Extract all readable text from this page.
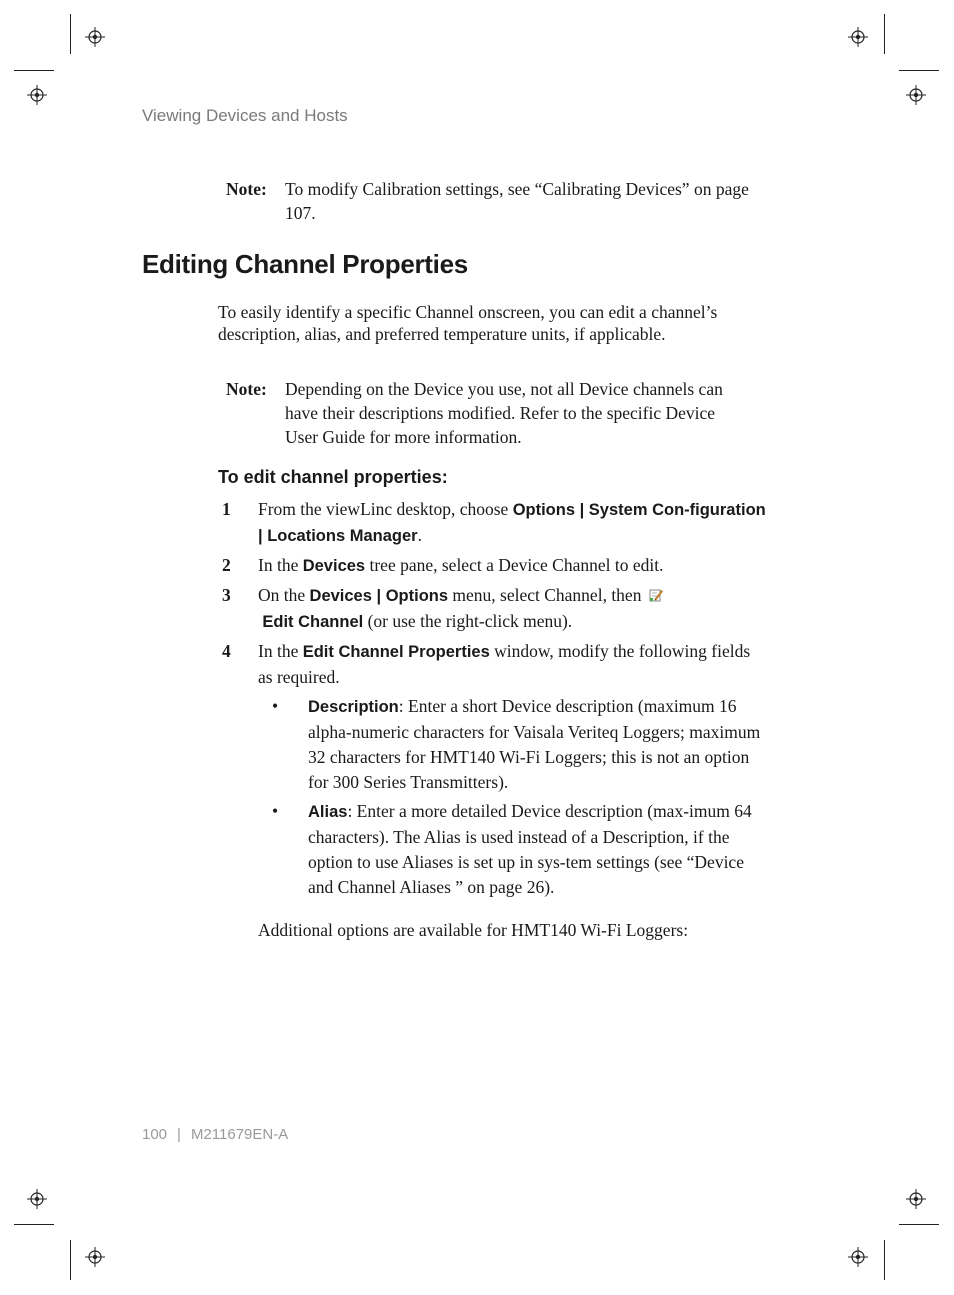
Viewing Devices and Hosts
Note: To modify Calibration settings, see “Calibrating Devices” on page 107.
Editing Channel Properties
To easily identify a specific Channel onscreen, you can edit a channel’s description, alias, and preferred temperature units, if applicable.
Note: Depending on the Device you use, not all Device channels can have their descriptions modified. Refer to the specific Device User Guide for more information.
To edit channel properties:
1 From the viewLinc desktop, choose Options | System Con-figuration | Locations Manager.
2 In the Devices tree pane, select a Device Channel to edit.
3 On the Devices | Options menu, select Channel, then
Edit Channel (or use the right-click menu).
4 In the Edit Channel Properties window, modify the following fields as required.
• Description: Enter a short Device description (maximum 16 alpha-numeric characters for Vaisala Veriteq Loggers; maximum 32 characters for HMT140 Wi-Fi Loggers; this is not an option for 300 Series Transmitters).
• Alias: Enter a more detailed Device description (max-imum 64 characters). The Alias is used instead of a Description, if the option to use Aliases is set up in sys-tem settings (see “Device and Channel Aliases ” on page 26).
Additional options are available for HMT140 Wi-Fi Loggers:
100 | M211679EN-A
